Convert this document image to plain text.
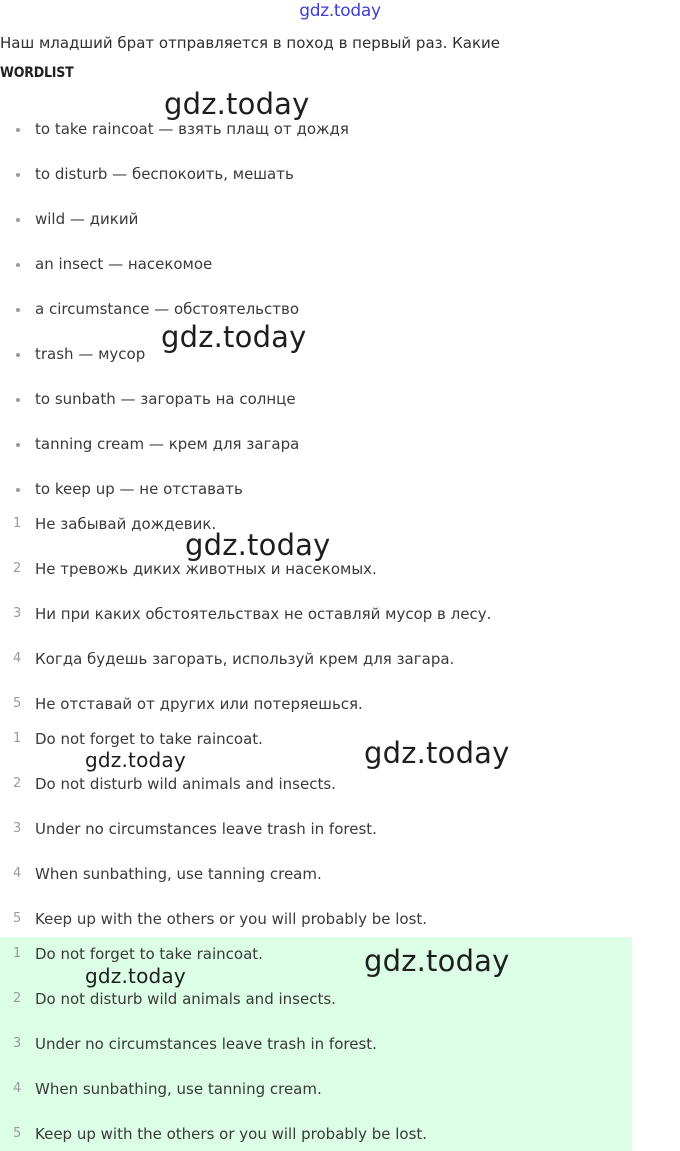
gdz.today
Наш младший брат отправляется в поход в первый раз. Какие
WORDLIST
to take raincoat — взять плащ от дождя
to disturb — беспокоить, мешать
wild — дикий
an insect — насекомое
a circumstance — обстоятельство
trash — мусор
to sunbath — загорать на солнце
tanning cream — крем для загара
to keep up — не отставать
1 Не забывай дождевик.
2 Не тревожь диких животных и насекомых.
3 Ни при каких обстоятельствах не оставляй мусор в лесу.
4 Когда будешь загорать, используй крем для загара.
5 Не отставай от других или потеряешься.
1 Do not forget to take raincoat.
2 Do not disturb wild animals and insects.
3 Under no circumstances leave trash in forest.
4 When sunbathing, use tanning cream.
5 Keep up with the others or you will probably be lost.
1 Do not forget to take raincoat.
2 Do not disturb wild animals and insects.
3 Under no circumstances leave trash in forest.
4 When sunbathing, use tanning cream.
5 Keep up with the others or you will probably be lost.
gdz.today
gdz.today
gdz.today
gdz.today
gdz.today
gdz.today
gdz.today
